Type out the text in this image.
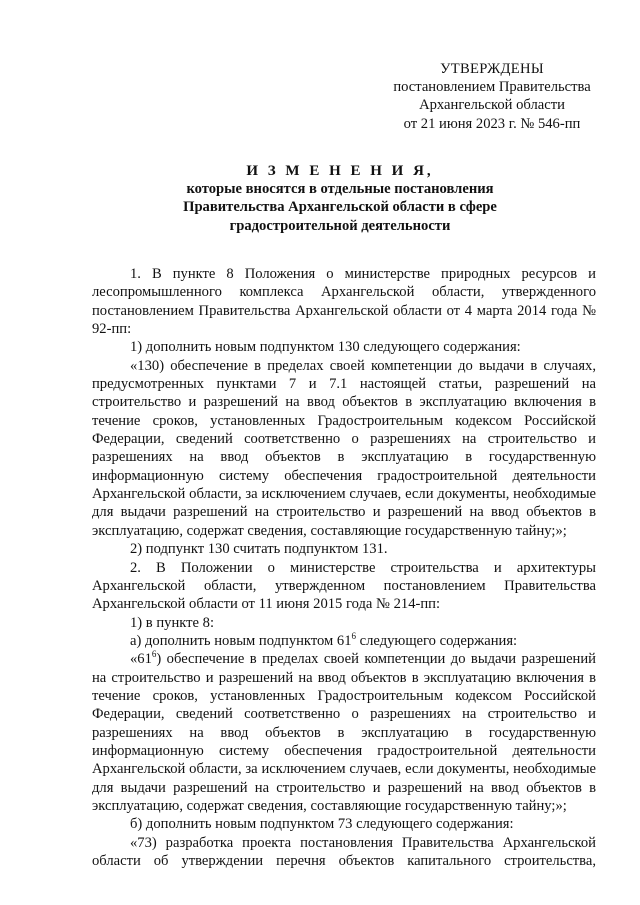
УТВЕРЖДЕНЫ
постановлением Правительства
Архангельской области
от 21 июня 2023 г. № 546-пп
И З М Е Н Е Н И Я,
которые вносятся в отдельные постановления
Правительства Архангельской области в сфере
градостроительной деятельности

1. В пункте 8 Положения о министерстве природных ресурсов и лесопромышленного комплекса Архангельской области, утвержденного постановлением Правительства Архангельской области от 4 марта 2014 года № 92-пп:

1) дополнить новым подпунктом 130 следующего содержания:

«130) обеспечение в пределах своей компетенции до выдачи в случаях, предусмотренных пунктами 7 и 7.1 настоящей статьи, разрешений на строительство и разрешений на ввод объектов в эксплуатацию включения в течение сроков, установленных Градостроительным кодексом Российской Федерации, сведений соответственно о разрешениях на строительство и разрешениях на ввод объектов в эксплуатацию в государственную информационную систему обеспечения градостроительной деятельности Архангельской области, за исключением случаев, если документы, необходимые для выдачи разрешений на строительство и разрешений на ввод объектов в эксплуатацию, содержат сведения, составляющие государственную тайну;»;

2) подпункт 130 считать подпунктом 131.

2. В Положении о министерстве строительства и архитектуры Архангельской области, утвержденном постановлением Правительства Архангельской области от 11 июня 2015 года № 214-пп:

1) в пункте 8:

а) дополнить новым подпунктом $61^6$ следующего содержания:

«$61^6$) обеспечение в пределах своей компетенции до выдачи разрешений на строительство и разрешений на ввод объектов в эксплуатацию включения в течение сроков, установленных Градостроительным кодексом Российской Федерации, сведений соответственно о разрешениях на строительство и разрешениях на ввод объектов в эксплуатацию в государственную информационную систему обеспечения градостроительной деятельности Архангельской области, за исключением случаев, если документы, необходимые для выдачи разрешений на строительство и разрешений на ввод объектов в эксплуатацию, содержат сведения, составляющие государственную тайну;»;

б) дополнить новым подпунктом 73 следующего содержания:

«73) разработка проекта постановления Правительства Архангельской области об утверждении перечня объектов капитального строительства,
